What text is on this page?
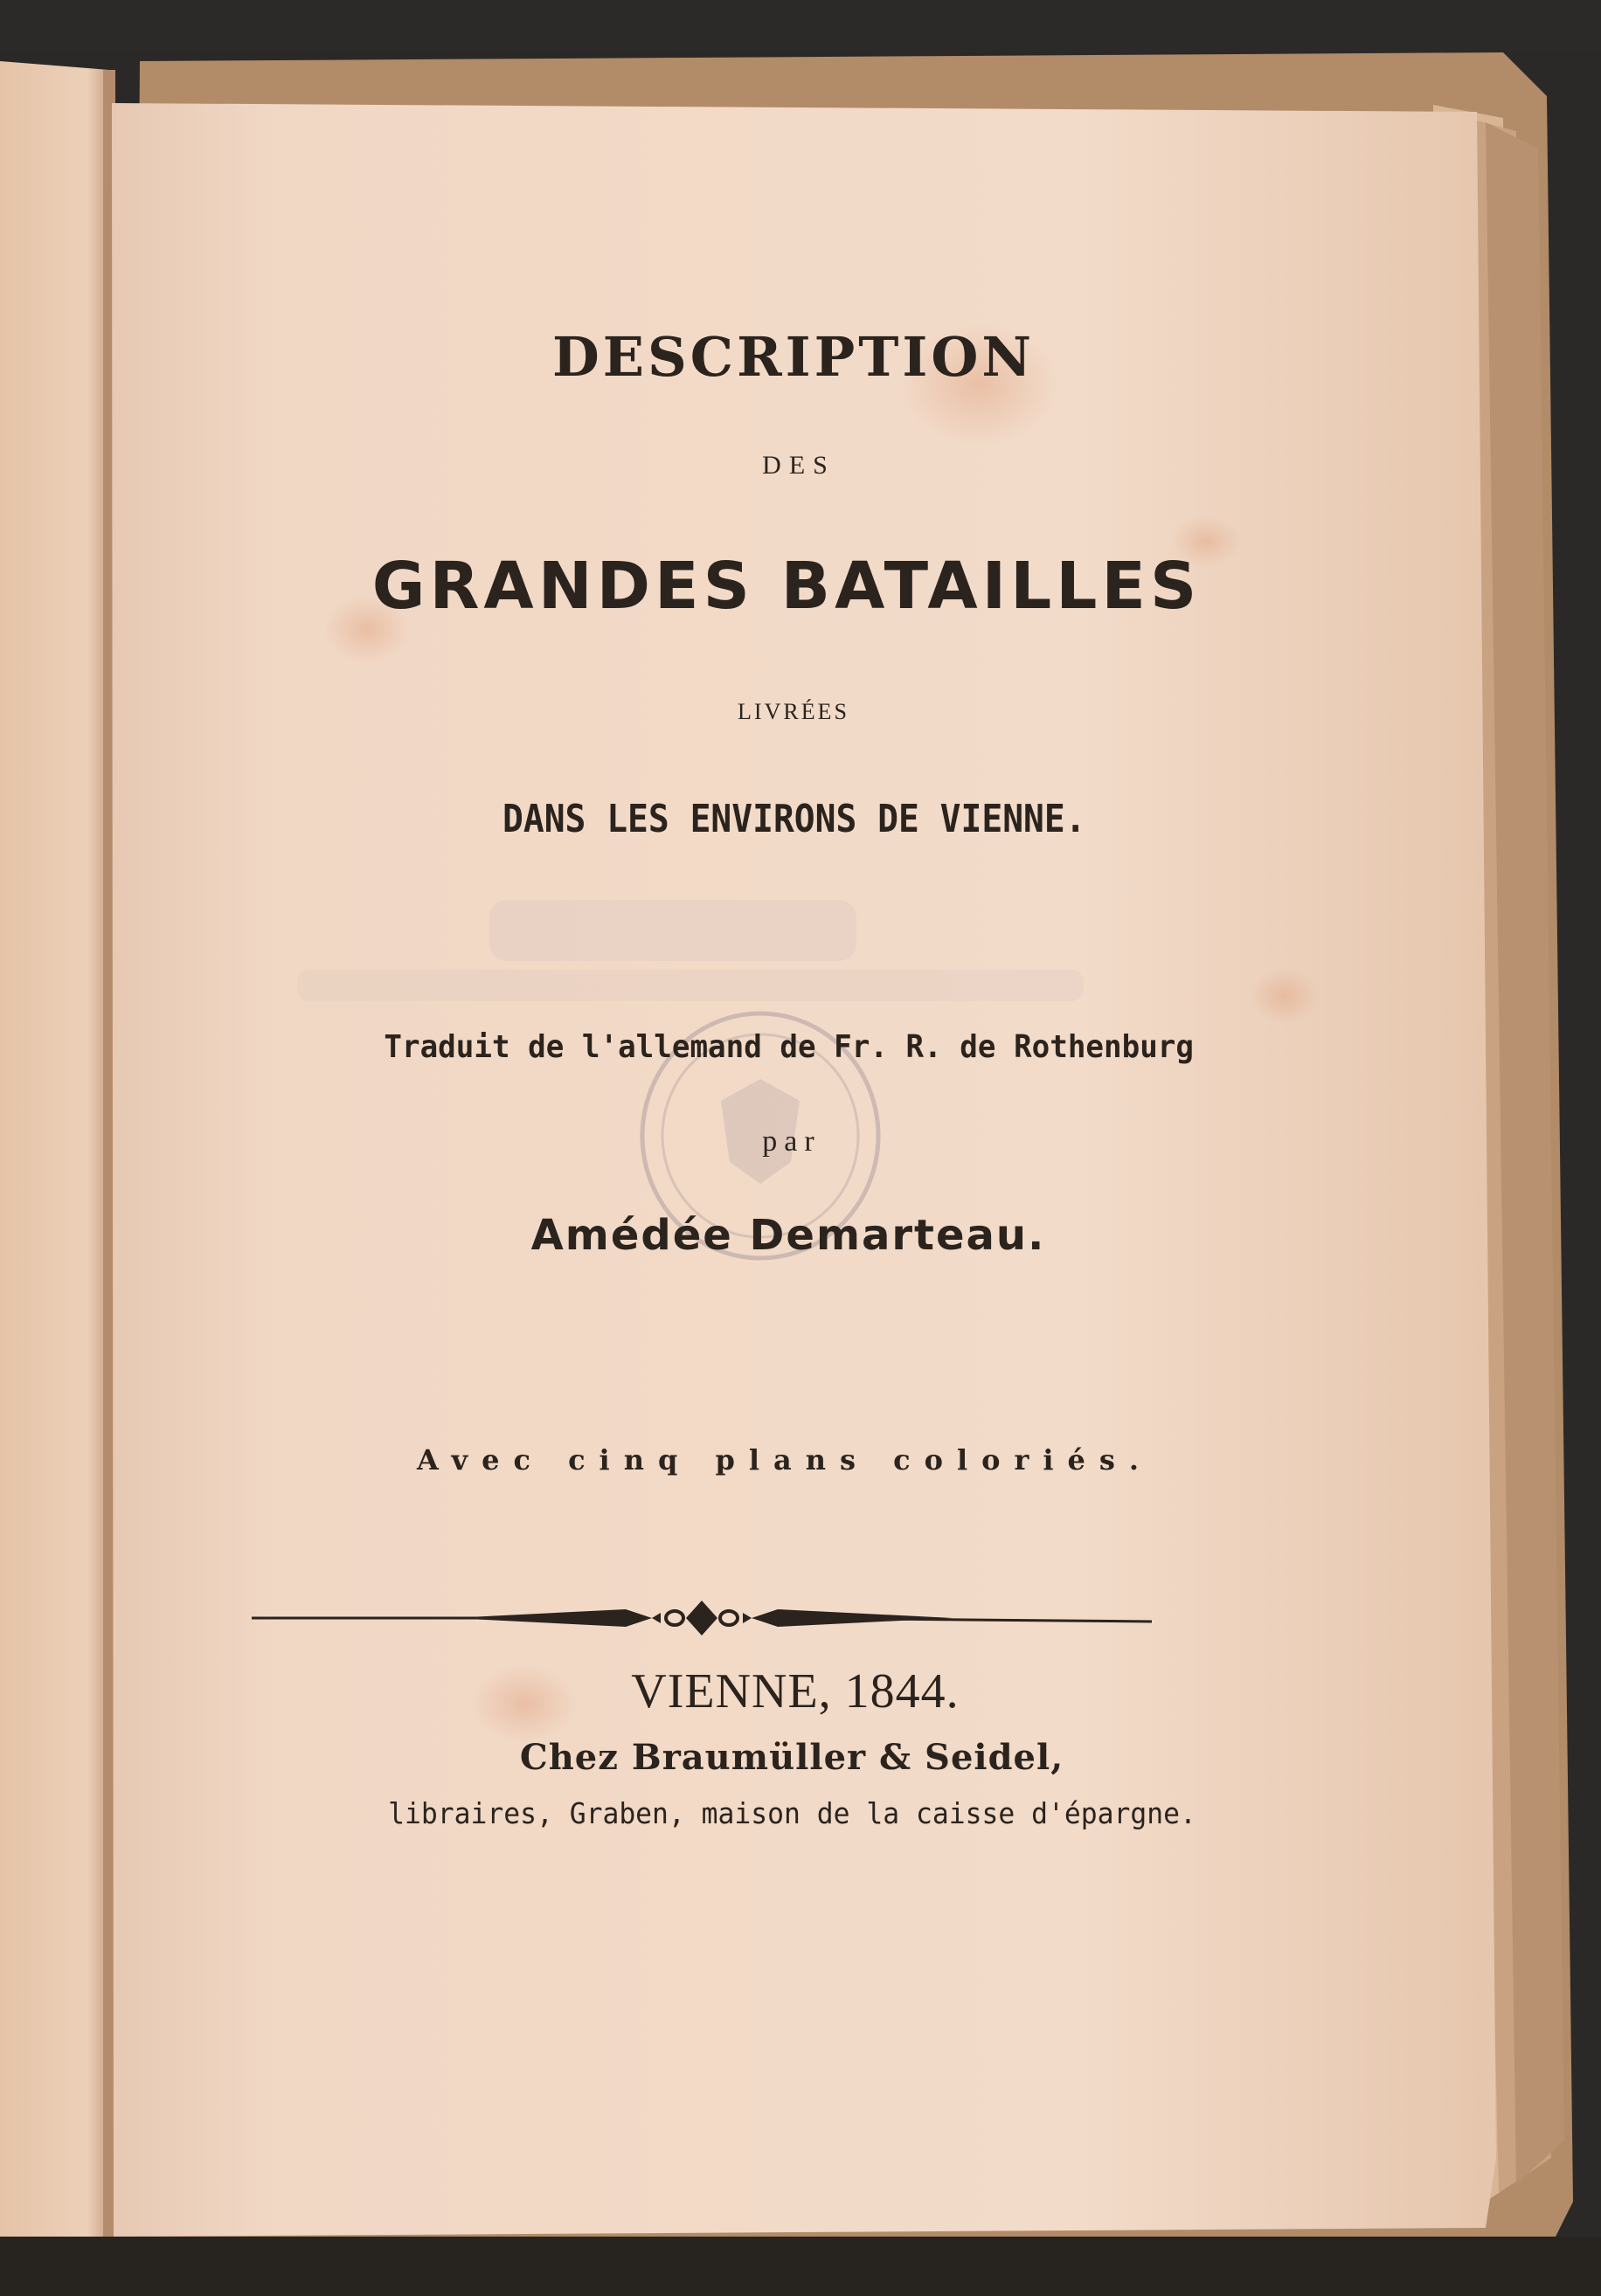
DESCRIPTION
DES
GRANDES BATAILLES
LIVRÉES
DANS LES ENVIRONS DE VIENNE.
Traduit de l'allemand de Fr. R. de Rothenburg
par
Amédée Demarteau.
Avec cinq plans coloriés.
VIENNE, 1844.
Chez Braumüller & Seidel,
libraires, Graben, maison de la caisse d'épargne.
